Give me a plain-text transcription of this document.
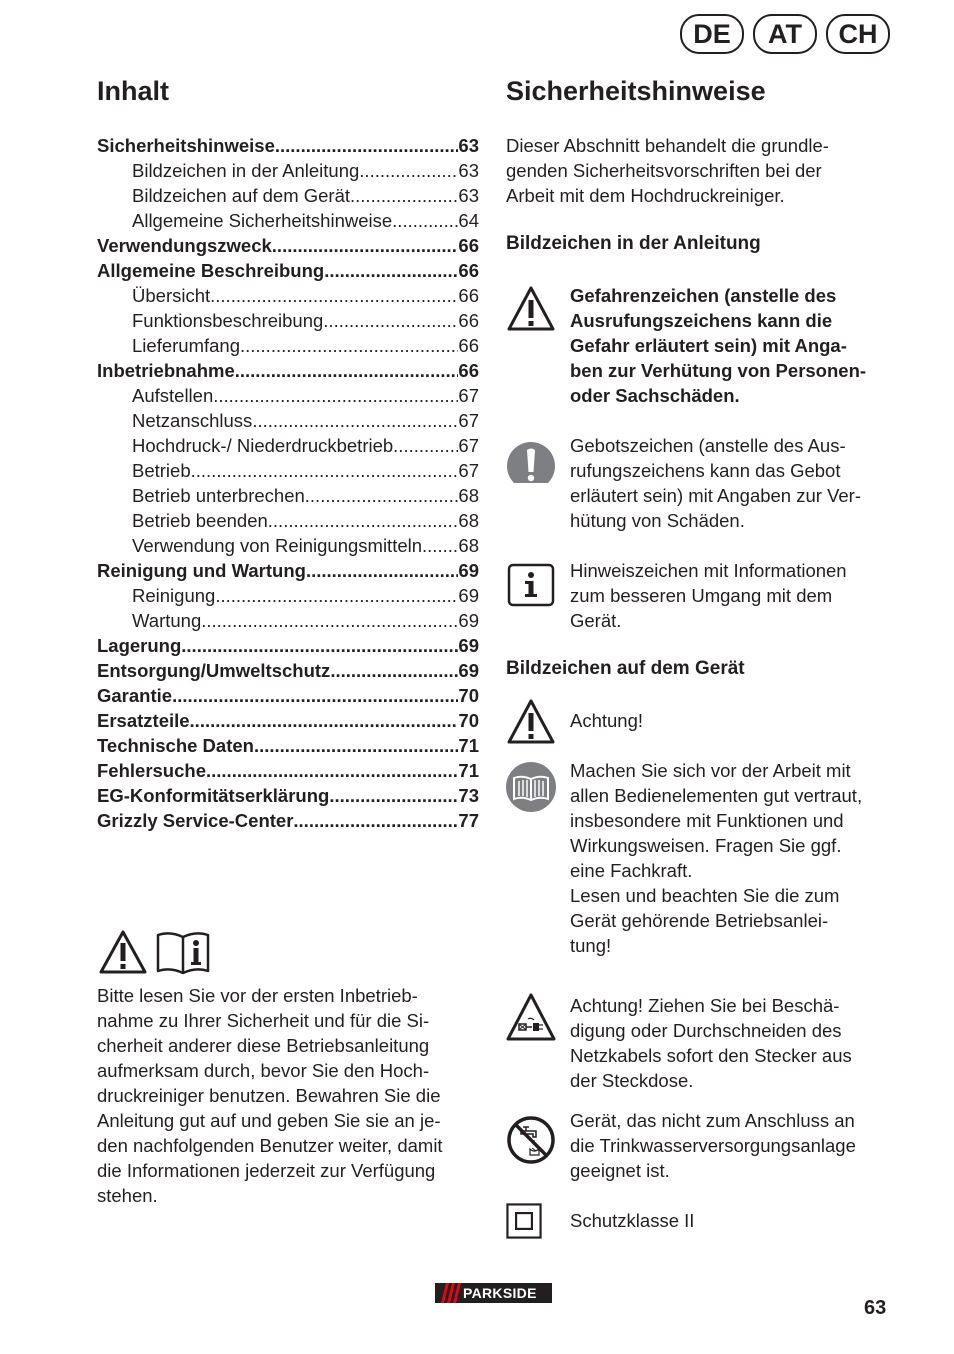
DE	AT	CH
Inhalt
Sicherheitshinweise .....	63
Bildzeichen in der Anleitung .....	63
Bildzeichen auf dem Gerät .....	63
Allgemeine Sicherheitshinweise .....	64
Verwendungszweck .....	66
Allgemeine Beschreibung .....	66
Übersicht .....	66
Funktionsbeschreibung .....	66
Lieferumfang .....	66
Inbetriebnahme .....	66
Aufstellen .....	67
Netzanschluss .....	67
Hochdruck-/ Niederdruckbetrieb .....	67
Betrieb .....	67
Betrieb unterbrechen .....	68
Betrieb beenden .....	68
Verwendung von Reinigungsmitteln ..... 68
Reinigung und Wartung .....	69
Reinigung .....	69
Wartung .....	69
Lagerung .....	69
Entsorgung/Umweltschutz .....	69
Garantie .....	70
Ersatzteile .....	70
Technische Daten .....	71
Fehlersuche .....	71
EG-Konformitätserklärung .....	73
Grizzly Service-Center .....	77
Bitte lesen Sie vor der ersten Inbetrieb-
nahme zu Ihrer Sicherheit und für die Si-
cherheit anderer diese Betriebsanleitung
aufmerksam durch, bevor Sie den Hoch-
druckreiniger benutzen. Bewahren Sie die
Anleitung gut auf und geben Sie sie an je-
den nachfolgenden Benutzer weiter, damit
die Informationen jederzeit zur Verfügung
stehen.
Sicherheitshinweise
Dieser Abschnitt behandelt die grundle-
genden Sicherheitsvorschriften bei der
Arbeit mit dem Hochdruckreiniger.
Bildzeichen in der Anleitung
Gefahrenzeichen (anstelle des
Ausrufungszeichens kann die
Gefahr erläutert sein) mit Anga-
ben zur Verhütung von Personen-
oder Sachschäden.
Gebotszeichen (anstelle des Aus-
rufungszeichens kann das Gebot
erläutert sein) mit Angaben zur Ver-
hütung von Schäden.
Hinweiszeichen mit Informationen
zum besseren Umgang mit dem
Gerät.
Bildzeichen auf dem Gerät
Achtung!
Machen Sie sich vor der Arbeit mit
allen Bedienelementen gut vertraut,
insbesondere mit Funktionen und
Wirkungsweisen. Fragen Sie ggf.
eine Fachkraft.
Lesen und beachten Sie die zum
Gerät gehörende Betriebsanlei-
tung!
Achtung! Ziehen Sie bei Beschä-
digung oder Durchschneiden des
Netzkabels sofort den Stecker aus
der Steckdose.
Gerät, das nicht zum Anschluss an
die Trinkwasserversorgungsanlage
geeignet ist.
Schutzklasse II
PARKSIDE
63
